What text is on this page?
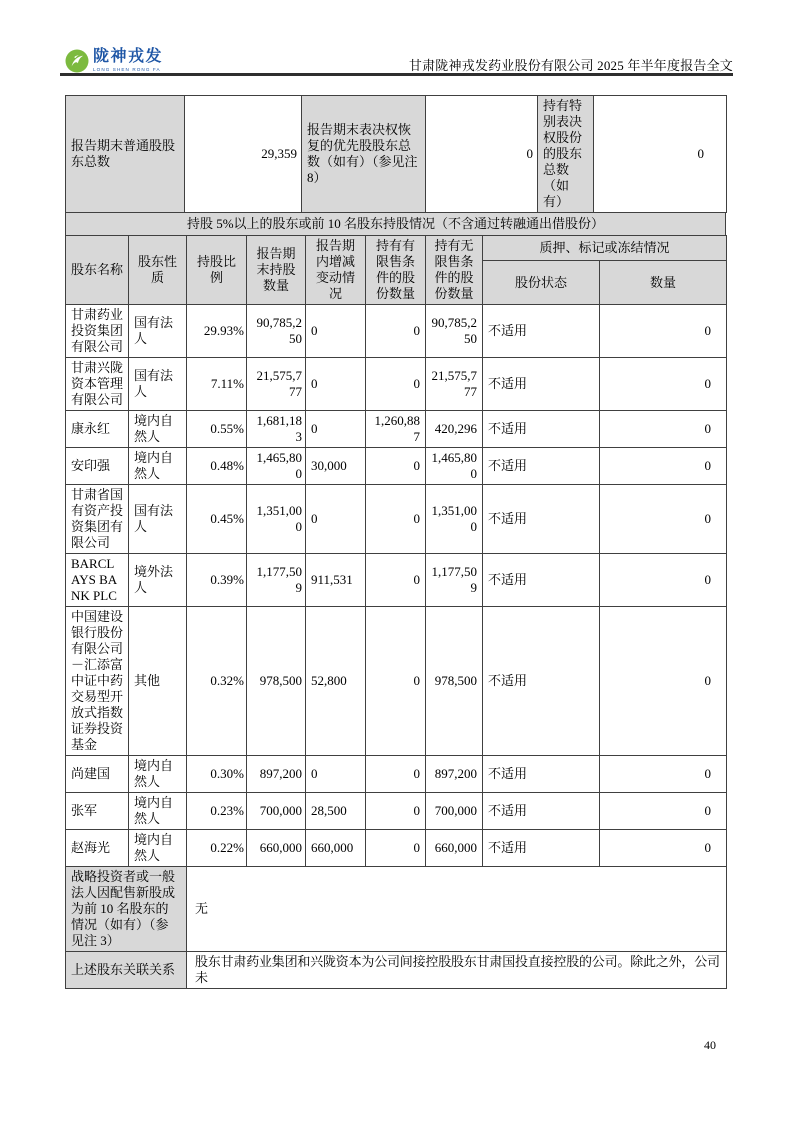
陇神戎发
LONG SHEN RONG FA	甘肃陇神戎发药业股份有限公司 2025 年半年度报告全文
报告期末普通股股东总数	29,359	报告期末表决权恢复的优先股股东总数（如有）（参见注 8）	0	持有特别表决权股份的股东总数（如有）	0
持股 5%以上的股东或前 10 名股东持股情况（不含通过转融通出借股份）
股东名称	股东性质	持股比例	报告期末持股数量	报告期内增减变动情况	持有有限售条件的股份数量	持有无限售条件的股份数量	质押、标记或冻结情况	
							股份状态	数量
甘肃药业投资集团有限公司	国有法人	29.93%	90,785,250	0	0	90,785,250	不适用	0
甘肃兴陇资本管理有限公司	国有法人	7.11%	21,575,777	0	0	21,575,777	不适用	0
康永红	境内自然人	0.55%	1,681,183	0	1,260,887	420,296	不适用	0
安印强	境内自然人	0.48%	1,465,800	30,000	0	1,465,800	不适用	0
甘肃省国有资产投资集团有限公司	国有法人	0.45%	1,351,000	0	0	1,351,000	不适用	0
BARCLAYS BANK PLC	境外法人	0.39%	1,177,509	911,531	0	1,177,509	不适用	0
中国建设银行股份有限公司－汇添富中证中药交易型开放式指数证券投资基金	其他	0.32%	978,500	52,800	0	978,500	不适用	0
尚建国	境内自然人	0.30%	897,200	0	0	897,200	不适用	0
张军	境内自然人	0.23%	700,000	28,500	0	700,000	不适用	0
赵海光	境内自然人	0.22%	660,000	660,000	0	660,000	不适用	0
战略投资者或一般法人因配售新股成为前 10 名股东的情况（如有）（参见注 3）		无						
上述股东关联关系		股东甘肃药业集团和兴陇资本为公司间接控股股东甘肃国投直接控股的公司。除此之外，公司未						
40
